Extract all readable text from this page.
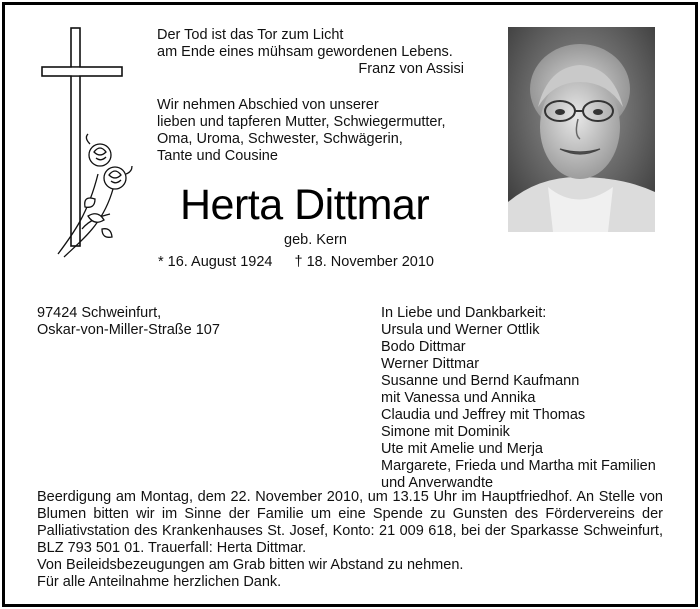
Der Tod ist das Tor zum Licht
am Ende eines mühsam gewordenen Lebens.
Franz von Assisi
Wir nehmen Abschied von unserer
lieben und tapferen Mutter, Schwiegermutter,
Oma, Uroma, Schwester, Schwägerin,
Tante und Cousine
Herta Dittmar
geb. Kern
* 16. August 1924 † 18. November 2010
97424 Schweinfurt,
Oskar-von-Miller-Straße 107
In Liebe und Dankbarkeit:
Ursula und Werner Ottlik
Bodo Dittmar
Werner Dittmar
Susanne und Bernd Kaufmann
mit Vanessa und Annika
Claudia und Jeffrey mit Thomas
Simone mit Dominik
Ute mit Amelie und Merja
Margarete, Frieda und Martha mit Familien
und Anverwandte

Beerdigung am Montag, dem 22. November 2010, um 13.15 Uhr im Hauptfriedhof. An Stelle von Blumen bitten wir im Sinne der Familie um eine Spende zu Gunsten des Fördervereins der Palliativstation des Krankenhauses St. Josef, Konto: 21 009 618, bei der Sparkasse Schweinfurt, BLZ 793 501 01. Trauerfall: Herta Dittmar.

Von Beileidsbezeugungen am Grab bitten wir Abstand zu nehmen.

Für alle Anteilnahme herzlichen Dank.
